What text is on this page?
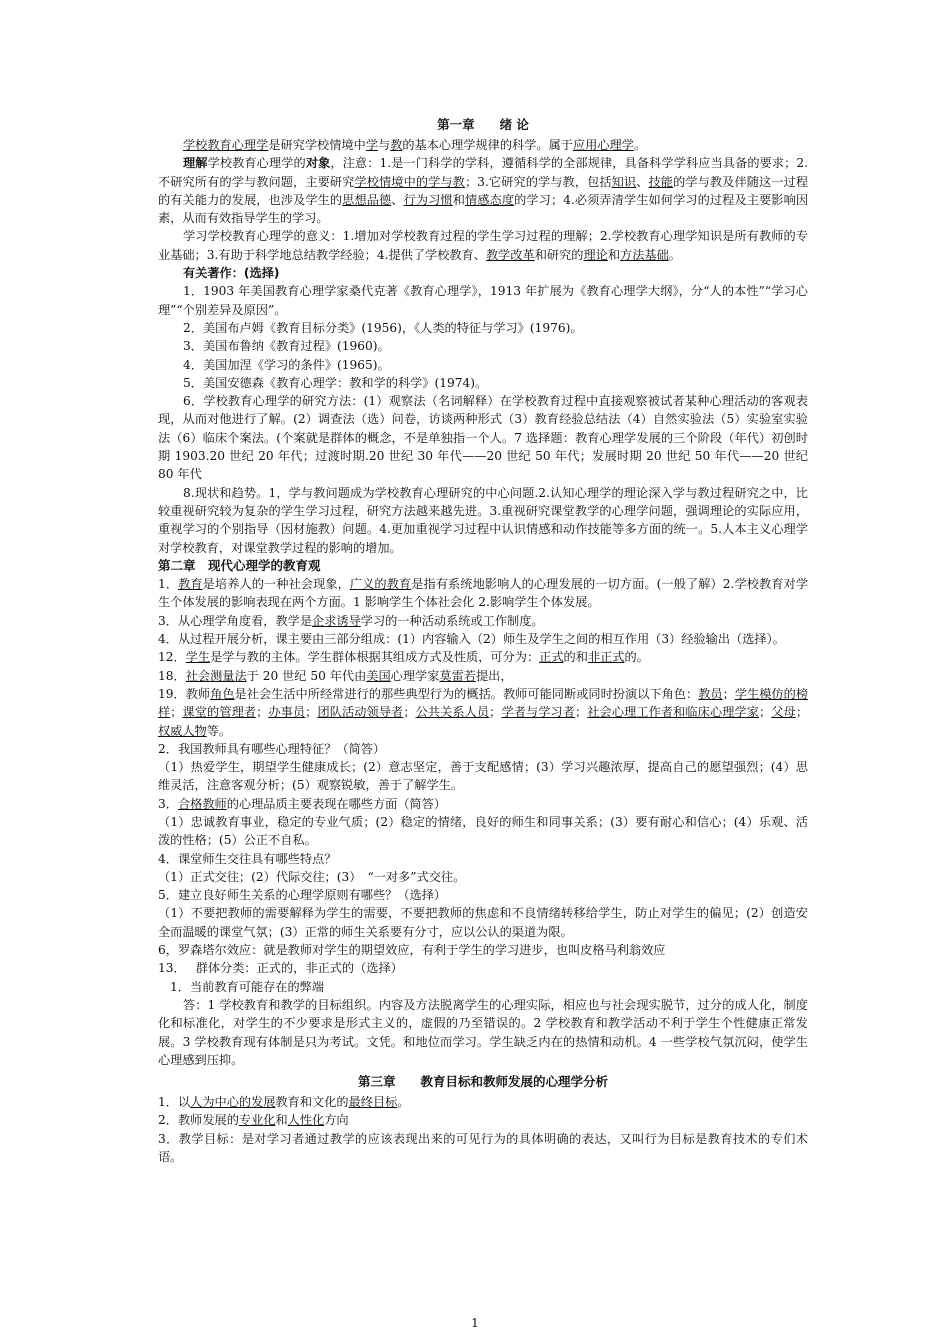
第一章　　绪 论

学校教育心理学是研究学校情境中学与教的基本心理学规律的科学。属于应用心理学。

理解学校教育心理学的对象，注意：1.是一门科学的学科，遵循科学的全部规律，具备科学学科应当具备的要求；2.不研究所有的学与教问题，主要研究学校情境中的学与教；3.它研究的学与教，包括知识、技能的学与教及伴随这一过程的有关能力的发展，也涉及学生的思想品德、行为习惯和情感态度的学习；4.必须弄清学生如何学习的过程及主要影响因素，从而有效指导学生的学习。

学习学校教育心理学的意义：1.增加对学校教育过程的学生学习过程的理解；2.学校教育心理学知识是所有教师的专业基础；3.有助于科学地总结教学经验；4.提供了学校教育、教学改革和研究的理论和方法基础。

有关著作：(选择)

1．1903 年美国教育心理学家桑代克著《教育心理学》，1913 年扩展为《教育心理学大纲》，分“人的本性”“学习心理”“个别差异及原因”。

2．美国布卢姆《教育目标分类》(1956)，《人类的特征与学习》(1976)。

3．美国布鲁纳《教育过程》(1960)。

4．美国加涅《学习的条件》(1965)。

5．美国安德森《教育心理学：教和学的科学》(1974)。

6．学校教育心理学的研究方法：(1）观察法（名词解释）在学校教育过程中直接观察被试者某种心理活动的客观表现，从而对他进行了解。(2）调查法（选）问卷，访谈两种形式（3）教育经验总结法（4）自然实验法（5）实验室实验法（6）临床个案法。(个案就是群体的概念，不是单独指一个人。7 选择题：教育心理学发展的三个阶段（年代）初创时期 1903.20 世纪 20 年代；过渡时期.20 世纪 30 年代——20 世纪 50 年代；发展时期 20 世纪 50 年代——20 世纪 80 年代

8.现状和趋势。1，学与教问题成为学校教育心理研究的中心问题.2.认知心理学的理论深入学与教过程研究之中，比较重视研究较为复杂的学生学习过程，研究方法越来越先进。3.重视研究课堂教学的心理学问题，强调理论的实际应用，重视学习的个别指导（因材施教）问题。4.更加重视学习过程中认识情感和动作技能等多方面的统一。5.人本主义心理学对学校教育，对课堂教学过程的影响的增加。

第二章　现代心理学的教育观

1．教育是培养人的一种社会现象，广义的教育是指有系统地影响人的心理发展的一切方面。(一般了解）2.学校教育对学生个体发展的影响表现在两个方面。1 影响学生个体社会化 2.影响学生个体发展。

3．从心理学角度看，教学是企求诱导学习的一种活动系统或工作制度。

4．从过程开展分析，课主要由三部分组成：(1）内容输入（2）师生及学生之间的相互作用（3）经验输出（选择）。

12．学生是学与教的主体。学生群体根据其组成方式及性质，可分为：正式的和非正式的。

18．社会测量法于 20 世纪 50 年代由美国心理学家莫雷若提出，

19．教师角色是社会生活中所经常进行的那些典型行为的概括。教师可能同断或同时扮演以下角色：教员；学生模仿的榜样；课堂的管理者；办事员；团队活动领导者；公共关系人员；学者与学习者；社会心理工作者和临床心理学家；父母；权威人物等。

2．我国教师具有哪些心理特征？（简答）

（1）热爱学生，期望学生健康成长；(2）意志坚定，善于支配感情；(3）学习兴趣浓厚，提高自己的愿望强烈；(4）思维灵活，注意客观分析；(5）观察锐敏，善于了解学生。

3．合格教师的心理品质主要表现在哪些方面（简答）

（1）忠诚教育事业，稳定的专业气质；(2）稳定的情绪，良好的师生和同事关系；(3）要有耐心和信心；(4）乐观、活泼的性格；(5）公正不自私。

4．课堂师生交往具有哪些特点？

（1）正式交往；(2）代际交往；(3）　“一对多”式交往。

5．建立良好师生关系的心理学原则有哪些？（选择）

（1）不要把教师的需要解释为学生的需要，不要把教师的焦虑和不良情绪转移给学生，防止对学生的偏见；(2）创造安全而温暖的课堂气氛；(3）正常的师生关系要有分寸，应以公认的渠道为限。

6，罗森塔尔效应：就是教师对学生的期望效应，有利于学生的学习进步，也叫皮格马利翁效应

13．　 群体分类：正式的，非正式的（选择）

1．当前教育可能存在的弊端

答：1 学校教育和教学的目标组织。内容及方法脱离学生的心理实际，相应也与社会现实脱节，过分的成人化，制度化和标准化，对学生的不少要求是形式主义的，虚假的乃至错误的。2 学校教育和教学活动不利于学生个性健康正常发展。3 学校教育现有体制是只为考试。文凭。和地位而学习。学生缺乏内在的热情和动机。4 一些学校气氛沉闷，使学生心理感到压抑。

第三章　　教育目标和教师发展的心理学分析

1．以人为中心的发展教育和文化的最终目标。

2．教师发展的专业化和人性化方向

3．教学目标：是对学习者通过教学的应该表现出来的可见行为的具体明确的表达，又叫行为目标是教育技术的专们术语。

1
